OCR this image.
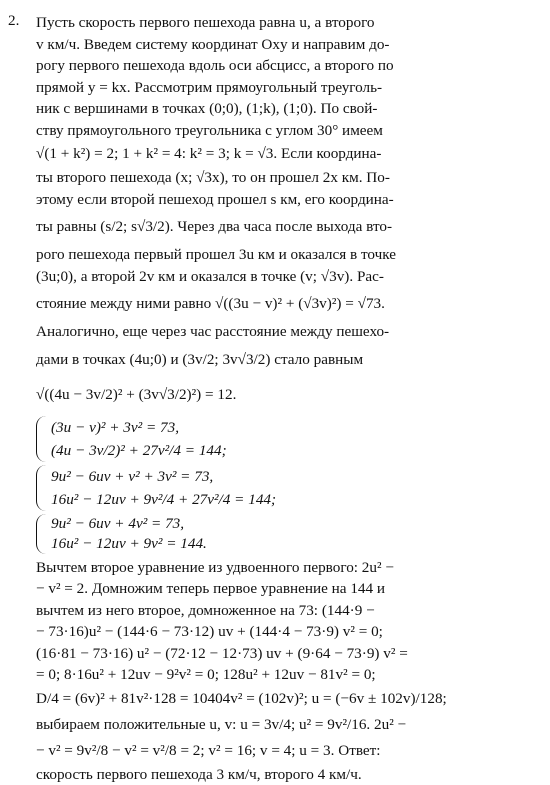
2. Пусть скорость первого пешехода равна u, а второго

v км/ч. Введем систему координат Oxy и направим до-

рогу первого пешехода вдоль оси абсцисс, а второго по

прямой y = kx. Рассмотрим прямоугольный треуголь-

ник с вершинами в точках (0;0), (1;k), (1;0). По свой-

ству прямоугольного треугольника с углом 30° имеем

√(1 + k²) = 2; 1 + k² = 4: k² = 3; k = √3. Если координа-

ты второго пешехода (x; √3x), то он прошел 2x км. По-

этому если второй пешеход прошел s км, его координа-

ты равны (s/2; s√3/2). Через два часа после выхода вто-

рого пешехода первый прошел 3u км и оказался в точке

(3u;0), а второй 2v км и оказался в точке (v; √3v). Рас-

стояние между ними равно √((3u − v)² + (√3v)²) = √73.

Аналогично, еще через час расстояние между пешехо-

дами в точках (4u;0) и (3v/2; 3v√3/2) стало равным

√((4u − 3v/2)² + (3v√3/2)²) = 12.

(3u − v)² + 3v² = 73,
(4u − 3v/2)² + 27v²/4 = 144;
9u² − 6uv + v² + 3v² = 73,
16u² − 12uv + 9v²/4 + 27v²/4 = 144;
9u² − 6uv + 4v² = 73,
16u² − 12uv + 9v² = 144.

Вычтем второе уравнение из удвоенного первого: 2u² −

− v² = 2. Домножим теперь первое уравнение на 144 и

вычтем из него второе, домноженное на 73: (144·9 −

− 73·16)u² − (144·6 − 73·12) uv + (144·4 − 73·9) v² = 0;

(16·81 − 73·16) u² − (72·12 − 12·73) uv + (9·64 − 73·9) v² =

= 0; 8·16u² + 12uv − 9²v² = 0; 128u² + 12uv − 81v² = 0;

D/4 = (6v)² + 81v²·128 = 10404v² = (102v)²; u = (−6v ± 102v)/128;

выбираем положительные u, v: u = 3v/4; u² = 9v²/16. 2u² −

− v² = 9v²/8 − v² = v²/8 = 2; v² = 16; v = 4; u = 3. Ответ:

скорость первого пешехода 3 км/ч, второго 4 км/ч.
